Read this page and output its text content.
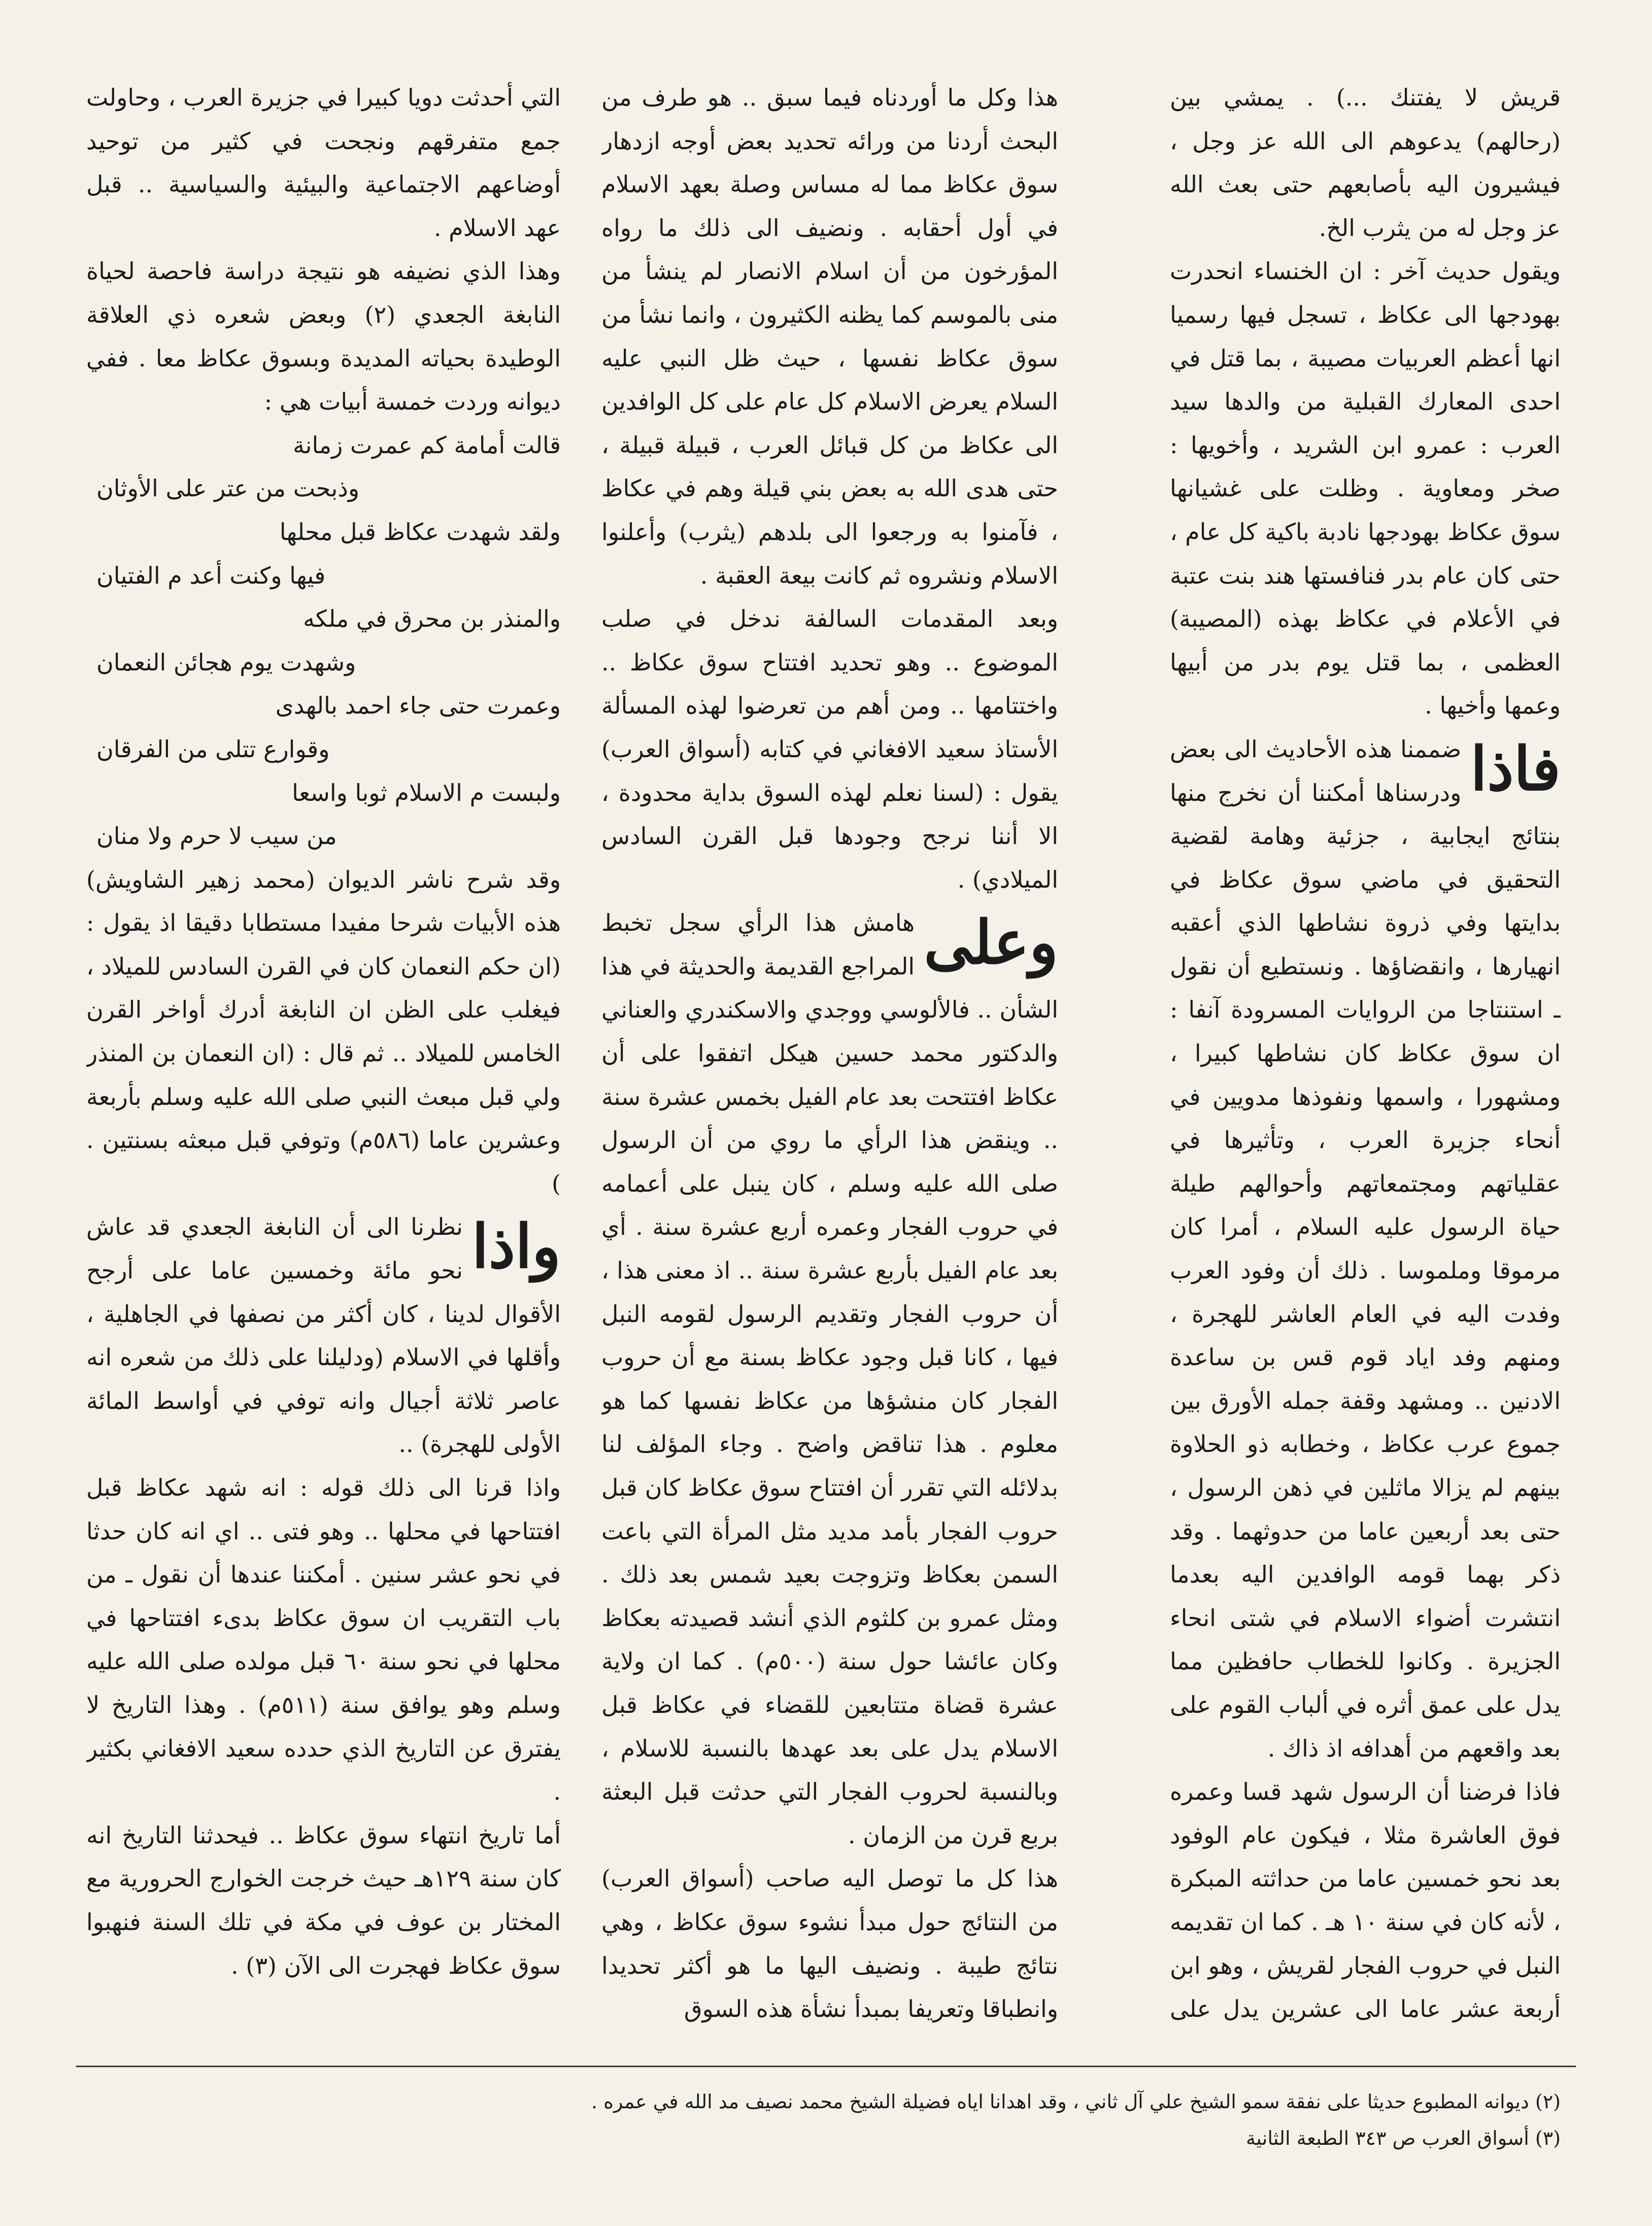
قريش لا يفتنك ...) . يمشي بين (رحالهم) يدعوهم الى الله عز وجل ، فيشيرون اليه بأصابعهم حتى بعث الله عز وجل له من يثرب الخ.

ويقول حديث آخر : ان الخنساء انحدرت بهودجها الى عكاظ ، تسجل فيها رسميا انها أعظم العربيات مصيبة ، بما قتل في احدى المعارك القبلية من والدها سيد العرب : عمرو ابن الشريد ، وأخويها : صخر ومعاوية . وظلت على غشيانها سوق عكاظ بهودجها نادبة باكية كل عام ، حتى كان عام بدر فنافستها هند بنت عتبة في الأعلام في عكاظ بهذه (المصيبة) العظمى ، بما قتل يوم بدر من أبيها وعمها وأخيها .

فاذا
ضممنا هذه الأحاديث الى بعض ودرسناها أمكننا أن نخرج منها بنتائج ايجابية ، جزئية وهامة لقضية التحقيق في ماضي سوق عكاظ في بدايتها وفي ذروة نشاطها الذي أعقبه انهيارها ، وانقضاؤها . ونستطيع أن نقول ـ استنتاجا من الروايات المسرودة آنفا : ان سوق عكاظ كان نشاطها كبيرا ، ومشهورا ، واسمها ونفوذها مدويين في أنحاء جزيرة العرب ، وتأثيرها في عقلياتهم ومجتمعاتهم وأحوالهم طيلة حياة الرسول عليه السلام ، أمرا كان مرموقا وملموسا . ذلك أن وفود العرب وفدت اليه في العام العاشر للهجرة ، ومنهم وفد اياد قوم قس بن ساعدة الادنين .. ومشهد وقفة جمله الأورق بين جموع عرب عكاظ ، وخطابه ذو الحلاوة بينهم لم يزالا ماثلين في ذهن الرسول ، حتى بعد أربعين عاما من حدوثهما . وقد ذكر بهما قومه الوافدين اليه بعدما انتشرت أضواء الاسلام في شتى انحاء الجزيرة . وكانوا للخطاب حافظين مما يدل على عمق أثره في ألباب القوم على بعد واقعهم من أهدافه اذ ذاك .

فاذا فرضنا أن الرسول شهد قسا وعمره فوق العاشرة مثلا ، فيكون عام الوفود بعد نحو خمسين عاما من حداثته المبكرة ، لأنه كان في سنة ١٠ هـ . كما ان تقديمه النبل في حروب الفجار لقريش ، وهو ابن أربعة عشر عاما الى عشرين يدل على

هذا وكل ما أوردناه فيما سبق .. هو طرف من البحث أردنا من ورائه تحديد بعض أوجه ازدهار سوق عكاظ مما له مساس وصلة بعهد الاسلام في أول أحقابه . ونضيف الى ذلك ما رواه المؤرخون من أن اسلام الانصار لم ينشأ من منى بالموسم كما يظنه الكثيرون ، وانما نشأ من سوق عكاظ نفسها ، حيث ظل النبي عليه السلام يعرض الاسلام كل عام على كل الوافدين الى عكاظ من كل قبائل العرب ، قبيلة قبيلة ، حتى هدى الله به بعض بني قيلة وهم في عكاظ ، فآمنوا به ورجعوا الى بلدهم (يثرب) وأعلنوا الاسلام ونشروه ثم كانت بيعة العقبة .

وبعد المقدمات السالفة ندخل في صلب الموضوع .. وهو تحديد افتتاح سوق عكاظ .. واختتامها .. ومن أهم من تعرضوا لهذه المسألة الأستاذ سعيد الافغاني في كتابه (أسواق العرب) يقول : (لسنا نعلم لهذه السوق بداية محدودة ، الا أننا نرجح وجودها قبل القرن السادس الميلادي) .

وعلى
هامش هذا الرأي سجل تخبط المراجع القديمة والحديثة في هذا الشأن .. فالألوسي ووجدي والاسكندري والعناني والدكتور محمد حسين هيكل اتفقوا على أن عكاظ افتتحت بعد عام الفيل بخمس عشرة سنة .. وينقض هذا الرأي ما روي من أن الرسول صلى الله عليه وسلم ، كان ينبل على أعمامه في حروب الفجار وعمره أربع عشرة سنة . أي بعد عام الفيل بأربع عشرة سنة .. اذ معنى هذا ، أن حروب الفجار وتقديم الرسول لقومه النبل فيها ، كانا قبل وجود عكاظ بسنة مع أن حروب الفجار كان منشؤها من عكاظ نفسها كما هو معلوم . هذا تناقض واضح . وجاء المؤلف لنا بدلائله التي تقرر أن افتتاح سوق عكاظ كان قبل حروب الفجار بأمد مديد مثل المرأة التي باعت السمن بعكاظ وتزوجت بعيد شمس بعد ذلك . ومثل عمرو بن كلثوم الذي أنشد قصيدته بعكاظ وكان عائشا حول سنة (٥٠٠م) . كما ان ولاية عشرة قضاة متتابعين للقضاء في عكاظ قبل الاسلام يدل على بعد عهدها بالنسبة للاسلام ، وبالنسبة لحروب الفجار التي حدثت قبل البعثة بربع قرن من الزمان .

هذا كل ما توصل اليه صاحب (أسواق العرب) من النتائج حول مبدأ نشوء سوق عكاظ ، وهي نتائج طيبة . ونضيف اليها ما هو أكثر تحديدا وانطباقا وتعريفا بمبدأ نشأة هذه السوق

التي أحدثت دويا كبيرا في جزيرة العرب ، وحاولت جمع متفرقهم ونجحت في كثير من توحيد أوضاعهم الاجتماعية والبيئية والسياسية .. قبل عهد الاسلام .

وهذا الذي نضيفه هو نتيجة دراسة فاحصة لحياة النابغة الجعدي (٢) وبعض شعره ذي العلاقة الوطيدة بحياته المديدة وبسوق عكاظ معا . ففي ديوانه وردت خمسة أبيات هي :

قالت أمامة كم عمرت زمانة

وذبحت من عتر على الأوثان

ولقد شهدت عكاظ قبل محلها

فيها وكنت أعد م الفتيان

والمنذر بن محرق في ملكه

وشهدت يوم هجائن النعمان

وعمرت حتى جاء احمد بالهدى

وقوارع تتلى من الفرقان

ولبست م الاسلام ثوبا واسعا

من سيب لا حرم ولا منان

وقد شرح ناشر الديوان (محمد زهير الشاويش) هذه الأبيات شرحا مفيدا مستطابا دقيقا اذ يقول : (ان حكم النعمان كان في القرن السادس للميلاد ، فيغلب على الظن ان النابغة أدرك أواخر القرن الخامس للميلاد .. ثم قال : (ان النعمان بن المنذر ولي قبل مبعث النبي صلى الله عليه وسلم بأربعة وعشرين عاما (٥٨٦م) وتوفي قبل مبعثه بسنتين . )

واذا
نظرنا الى أن النابغة الجعدي قد عاش نحو مائة وخمسين عاما على أرجح الأقوال لدينا ، كان أكثر من نصفها في الجاهلية ، وأقلها في الاسلام (ودليلنا على ذلك من شعره انه عاصر ثلاثة أجيال وانه توفي في أواسط المائة الأولى للهجرة) ..

واذا قرنا الى ذلك قوله : انه شهد عكاظ قبل افتتاحها في محلها .. وهو فتى .. اي انه كان حدثا في نحو عشر سنين . أمكننا عندها أن نقول ـ من باب التقريب ان سوق عكاظ بدىء افتتاحها في محلها في نحو سنة ٦٠ قبل مولده صلى الله عليه وسلم وهو يوافق سنة (٥١١م) . وهذا التاريخ لا يفترق عن التاريخ الذي حدده سعيد الافغاني بكثير .

أما تاريخ انتهاء سوق عكاظ .. فيحدثنا التاريخ انه كان سنة ١٢٩هـ حيث خرجت الخوارج الحرورية مع المختار بن عوف في مكة في تلك السنة فنهبوا سوق عكاظ فهجرت الى الآن (٣) .

(٢) ديوانه المطبوع حديثا على نفقة سمو الشيخ علي آل ثاني ، وقد اهدانا اياه فضيلة الشيخ محمد نصيف مد الله في عمره .

(٣) أسواق العرب ص ٣٤٣ الطبعة الثانية
